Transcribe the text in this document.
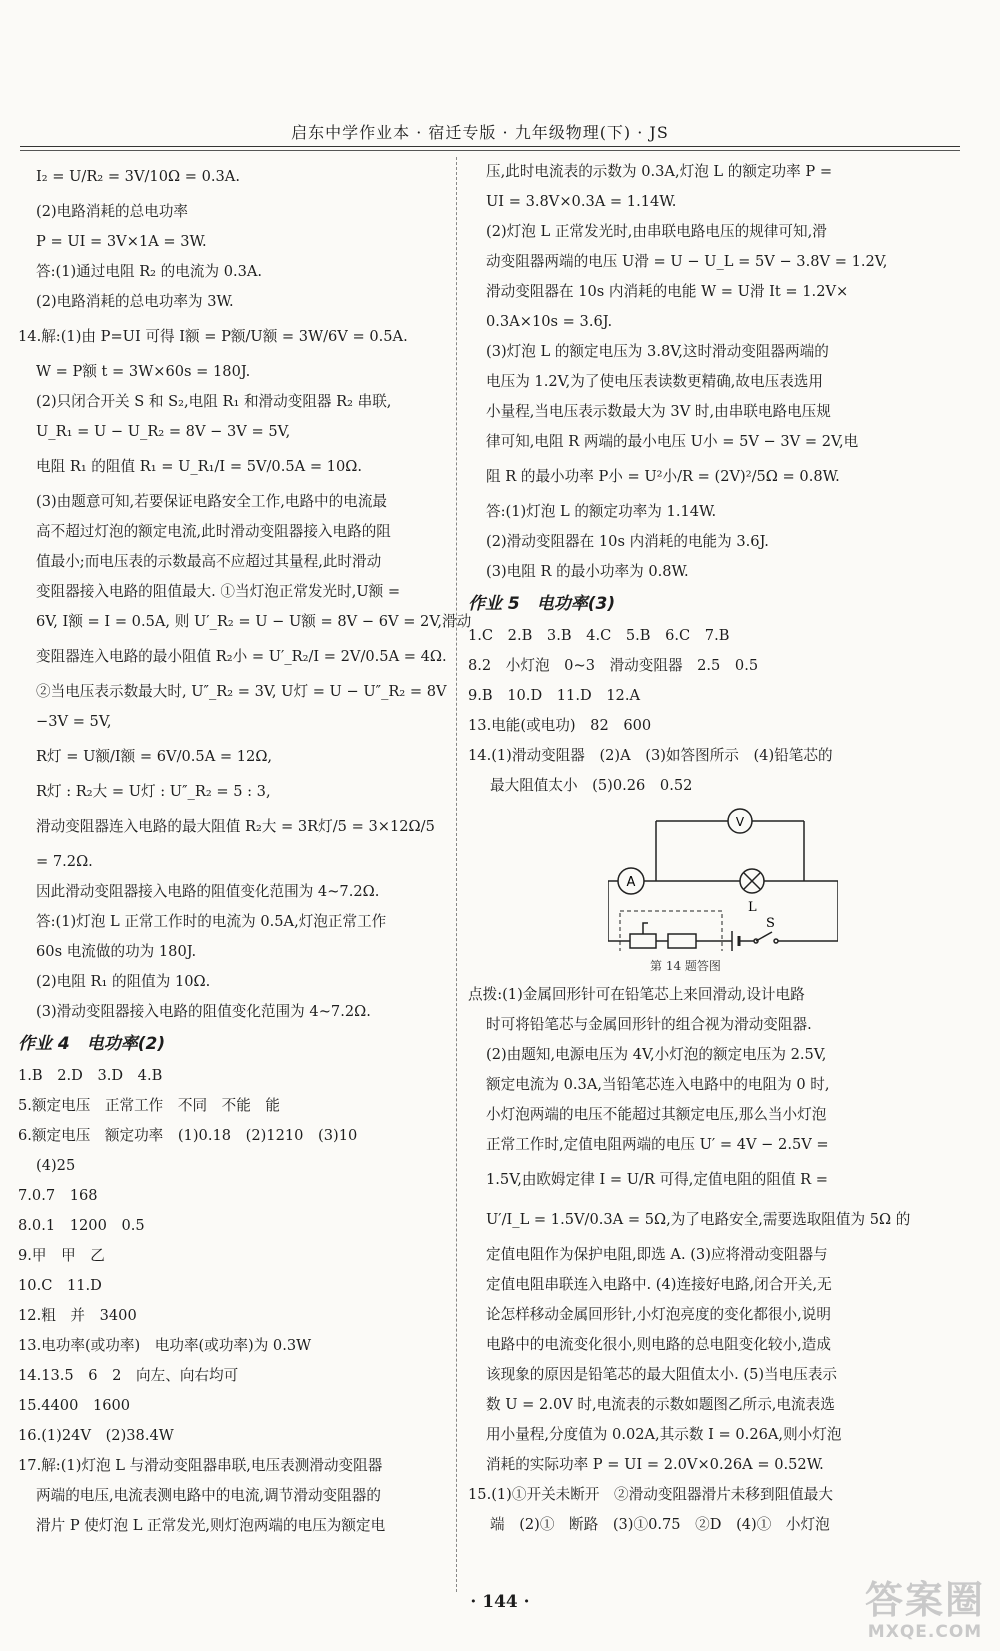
启东中学作业本 · 宿迁专版 · 九年级物理(下) · JS
I₂ = U/R₂ = 3V/10Ω = 0.3A.
(2)电路消耗的总电功率
P = UI = 3V×1A = 3W.
答:(1)通过电阻 R₂ 的电流为 0.3A.
(2)电路消耗的总电功率为 3W.
14.解:(1)由 P=UI 可得 I额 = P额/U额 = 3W/6V = 0.5A.
W = P额 t = 3W×60s = 180J.
(2)只闭合开关 S 和 S₂,电阻 R₁ 和滑动变阻器 R₂ 串联,
U_R₁ = U − U_R₂ = 8V − 3V = 5V,
电阻 R₁ 的阻值 R₁ = U_R₁/I = 5V/0.5A = 10Ω.
(3)由题意可知,若要保证电路安全工作,电路中的电流最
高不超过灯泡的额定电流,此时滑动变阻器接入电路的阻
值最小;而电压表的示数最高不应超过其量程,此时滑动
变阻器接入电路的阻值最大. ①当灯泡正常发光时,U额 =
6V, I额 = I = 0.5A, 则 U′_R₂ = U − U额 = 8V − 6V = 2V,滑动
变阻器连入电路的最小阻值 R₂小 = U′_R₂/I = 2V/0.5A = 4Ω.
②当电压表示数最大时, U″_R₂ = 3V, U灯 = U − U″_R₂ = 8V
−3V = 5V,
R灯 = U额/I额 = 6V/0.5A = 12Ω,
R灯 : R₂大 = U灯 : U″_R₂ = 5 : 3,
滑动变阻器连入电路的最大阻值 R₂大 = 3R灯/5 = 3×12Ω/5
= 7.2Ω.
因此滑动变阻器接入电路的阻值变化范围为 4~7.2Ω.
答:(1)灯泡 L 正常工作时的电流为 0.5A,灯泡正常工作
60s 电流做的功为 180J.
(2)电阻 R₁ 的阻值为 10Ω.
(3)滑动变阻器接入电路的阻值变化范围为 4~7.2Ω.
作业 4　电功率(2)
1.B　2.D　3.D　4.B
5.额定电压　正常工作　不同　不能　能
6.额定电压　额定功率　(1)0.18　(2)1210　(3)10
(4)25
7.0.7　168
8.0.1　1200　0.5
9.甲　甲　乙
10.C　11.D
12.粗　并　3400
13.电功率(或功率)　电功率(或功率)为 0.3W
14.13.5　6　2　向左、向右均可
15.4400　1600
16.(1)24V　(2)38.4W
17.解:(1)灯泡 L 与滑动变阻器串联,电压表测滑动变阻器
两端的电压,电流表测电路中的电流,调节滑动变阻器的
滑片 P 使灯泡 L 正常发光,则灯泡两端的电压为额定电
压,此时电流表的示数为 0.3A,灯泡 L 的额定功率 P =
UI = 3.8V×0.3A = 1.14W.
(2)灯泡 L 正常发光时,由串联电路电压的规律可知,滑
动变阻器两端的电压 U滑 = U − U_L = 5V − 3.8V = 1.2V,
滑动变阻器在 10s 内消耗的电能 W = U滑 It = 1.2V×
0.3A×10s = 3.6J.
(3)灯泡 L 的额定电压为 3.8V,这时滑动变阻器两端的
电压为 1.2V,为了使电压表读数更精确,故电压表选用
小量程,当电压表示数最大为 3V 时,由串联电路电压规
律可知,电阻 R 两端的最小电压 U小 = 5V − 3V = 2V,电
阻 R 的最小功率 P小 = U²小/R = (2V)²/5Ω = 0.8W.
答:(1)灯泡 L 的额定功率为 1.14W.
(2)滑动变阻器在 10s 内消耗的电能为 3.6J.
(3)电阻 R 的最小功率为 0.8W.
作业 5　电功率(3)
1.C　2.B　3.B　4.C　5.B　6.C　7.B
8.2　小灯泡　0~3　滑动变阻器　2.5　0.5
9.B　10.D　11.D　12.A
13.电能(或电功)　82　600
14.(1)滑动变阻器　(2)A　(3)如答图所示　(4)铅笔芯的
最大阻值太小　(5)0.26　0.52
A
V
L
S
第 14 题答图
点拨:(1)金属回形针可在铅笔芯上来回滑动,设计电路
时可将铅笔芯与金属回形针的组合视为滑动变阻器.
(2)由题知,电源电压为 4V,小灯泡的额定电压为 2.5V,
额定电流为 0.3A,当铅笔芯连入电路中的电阻为 0 时,
小灯泡两端的电压不能超过其额定电压,那么当小灯泡
正常工作时,定值电阻两端的电压 U′ = 4V − 2.5V =
1.5V,由欧姆定律 I = U/R 可得,定值电阻的阻值 R =
U′/I_L = 1.5V/0.3A = 5Ω,为了电路安全,需要选取阻值为 5Ω 的
定值电阻作为保护电阻,即选 A. (3)应将滑动变阻器与
定值电阻串联连入电路中. (4)连接好电路,闭合开关,无
论怎样移动金属回形针,小灯泡亮度的变化都很小,说明
电路中的电流变化很小,则电路的总电阻变化较小,造成
该现象的原因是铅笔芯的最大阻值太小. (5)当电压表示
数 U = 2.0V 时,电流表的示数如题图乙所示,电流表选
用小量程,分度值为 0.02A,其示数 I = 0.26A,则小灯泡
消耗的实际功率 P = UI = 2.0V×0.26A = 0.52W.
15.(1)①开关未断开　②滑动变阻器滑片未移到阻值最大
端　(2)①　断路　(3)①0.75　②D　(4)①　小灯泡
· 144 ·	答案圈
MXQE.COM
